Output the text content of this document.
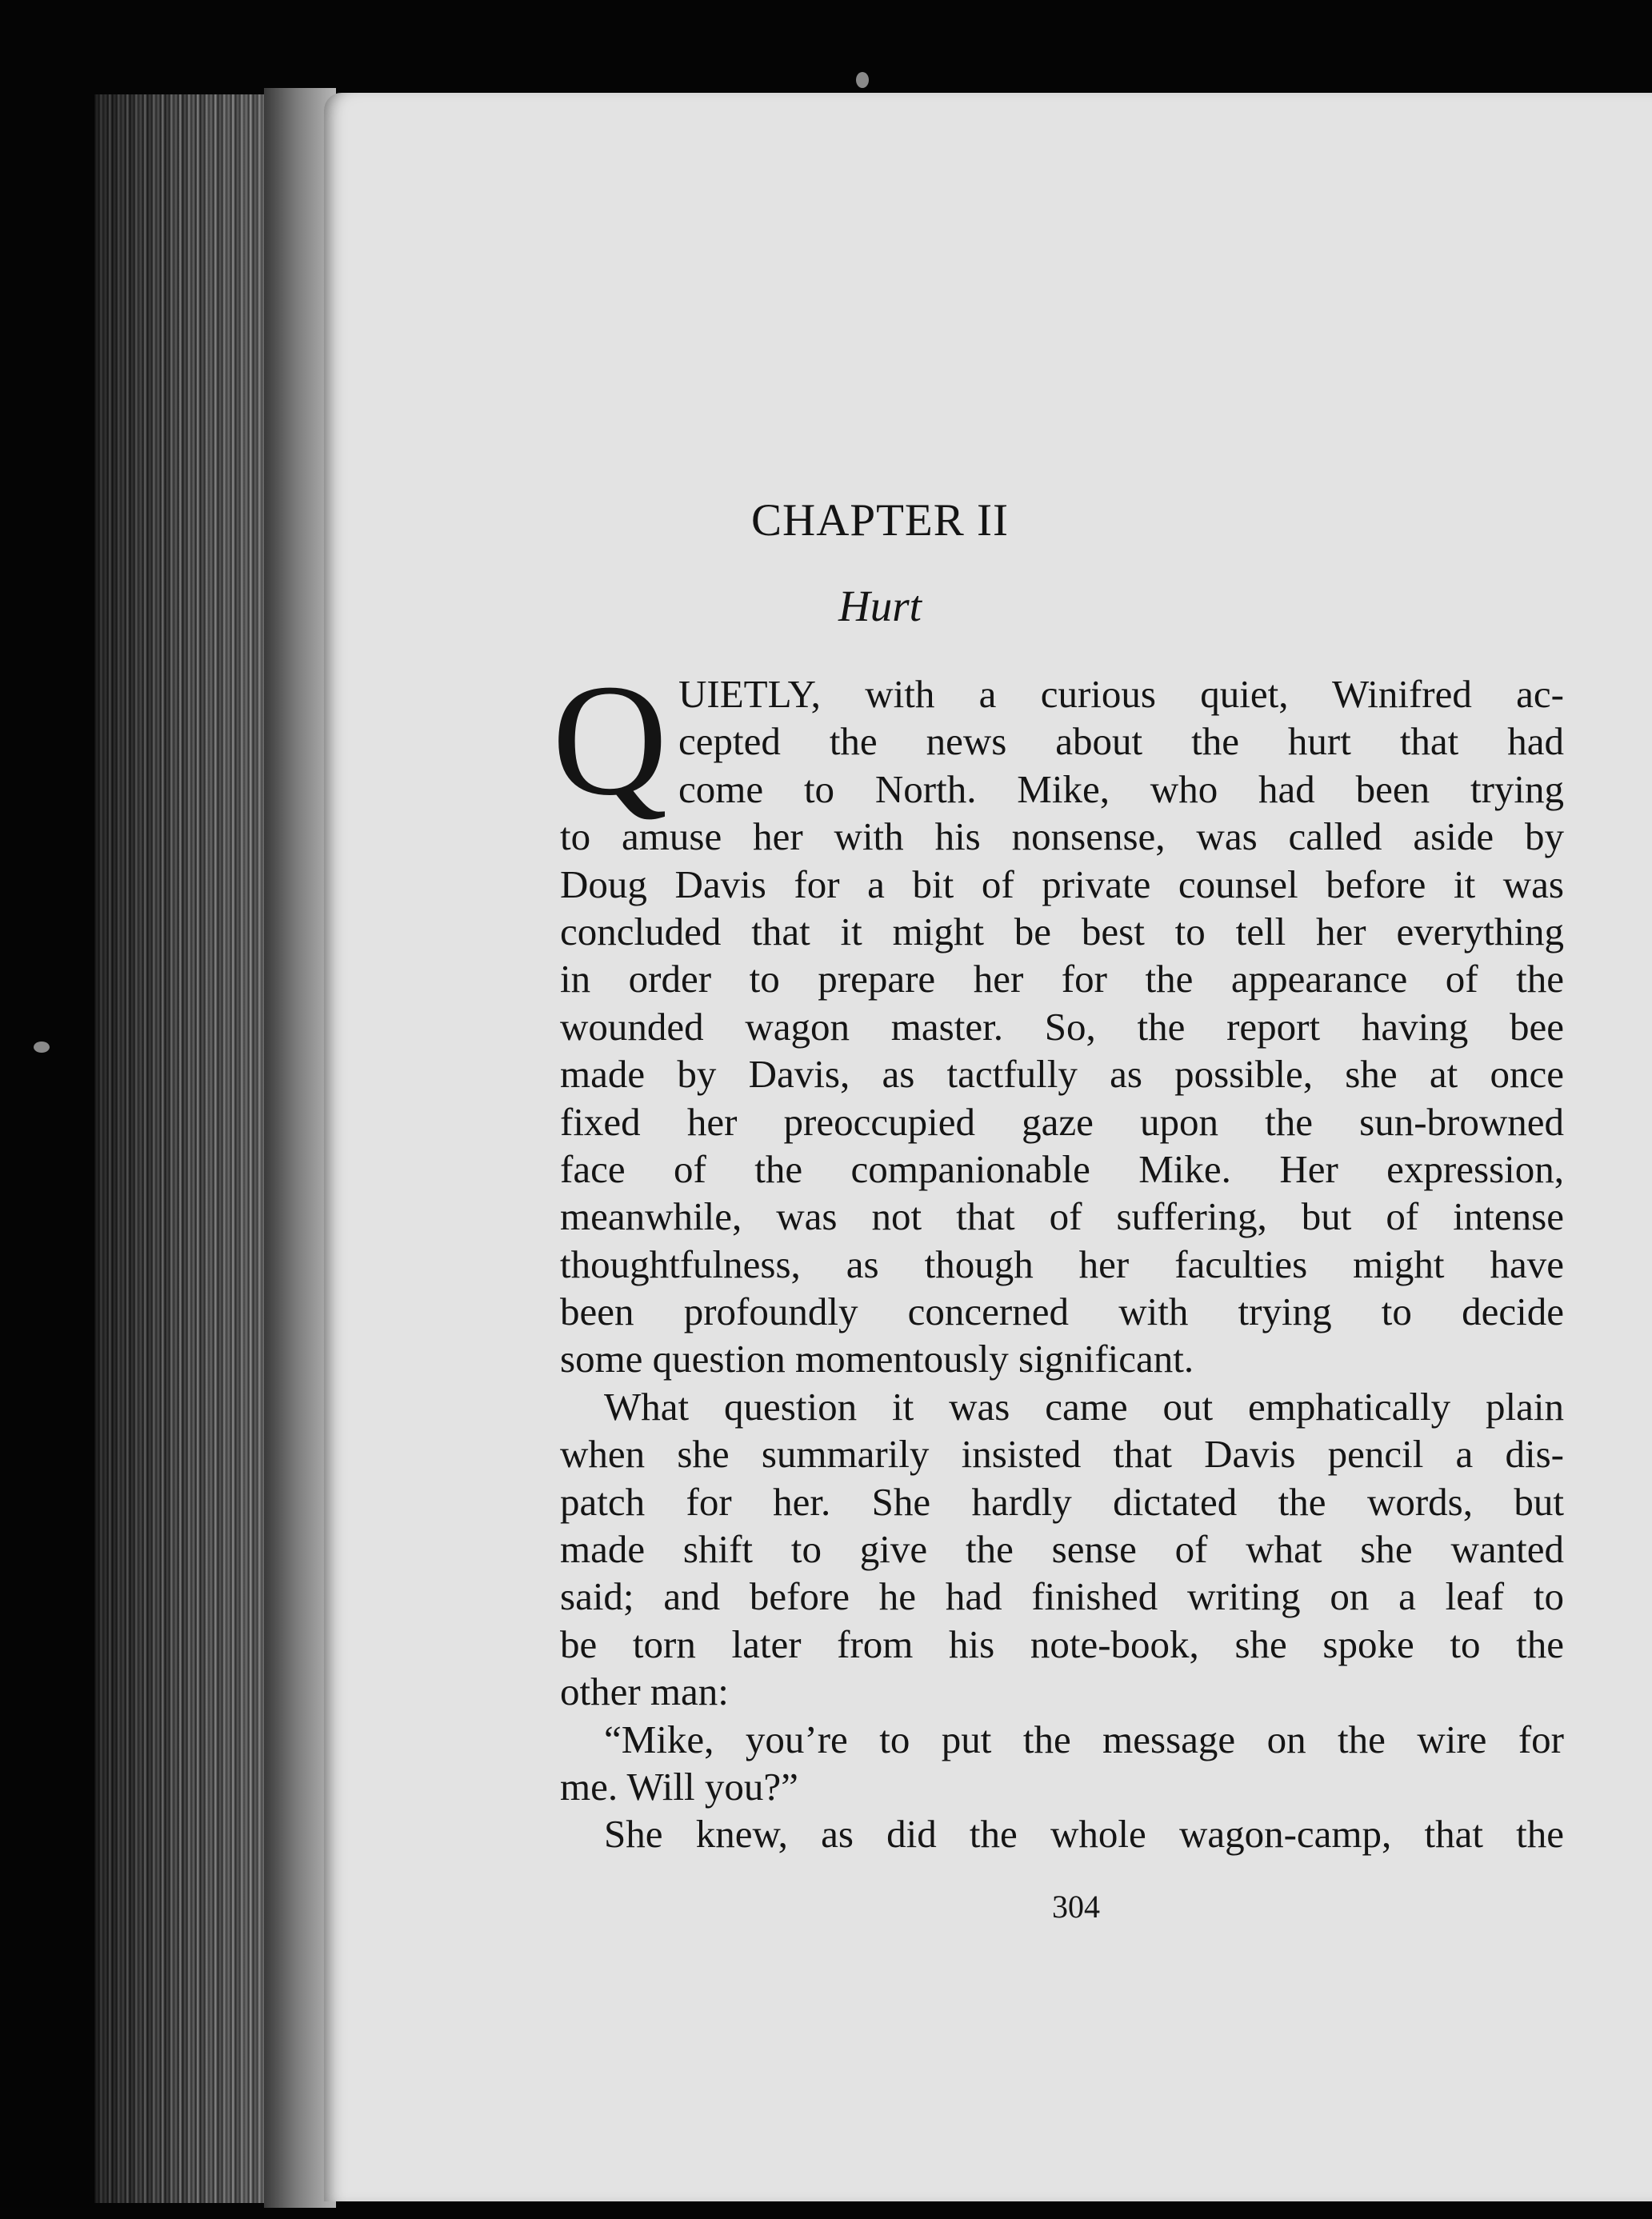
CHAPTER II
Hurt
Q UIETLY, with a curious quiet, Winifred ac-
cepted the news about the hurt that had
come to North. Mike, who had been trying
to amuse her with his nonsense, was called aside by
Doug Davis for a bit of private counsel before it was
concluded that it might be best to tell her everything
in order to prepare her for the appearance of the
wounded wagon master. So, the report having bee
made by Davis, as tactfully as possible, she at once
fixed her preoccupied gaze upon the sun-browned
face of the companionable Mike. Her expression,
meanwhile, was not that of suffering, but of intense
thoughtfulness, as though her faculties might have
been profoundly concerned with trying to decide
some question momentously significant.
What question it was came out emphatically plain
when she summarily insisted that Davis pencil a dis-
patch for her. She hardly dictated the words, but
made shift to give the sense of what she wanted
said; and before he had finished writing on a leaf to
be torn later from his note-book, she spoke to the
other man:
“Mike, you’re to put the message on the wire for
me. Will you?”
She knew, as did the whole wagon-camp, that the
304
